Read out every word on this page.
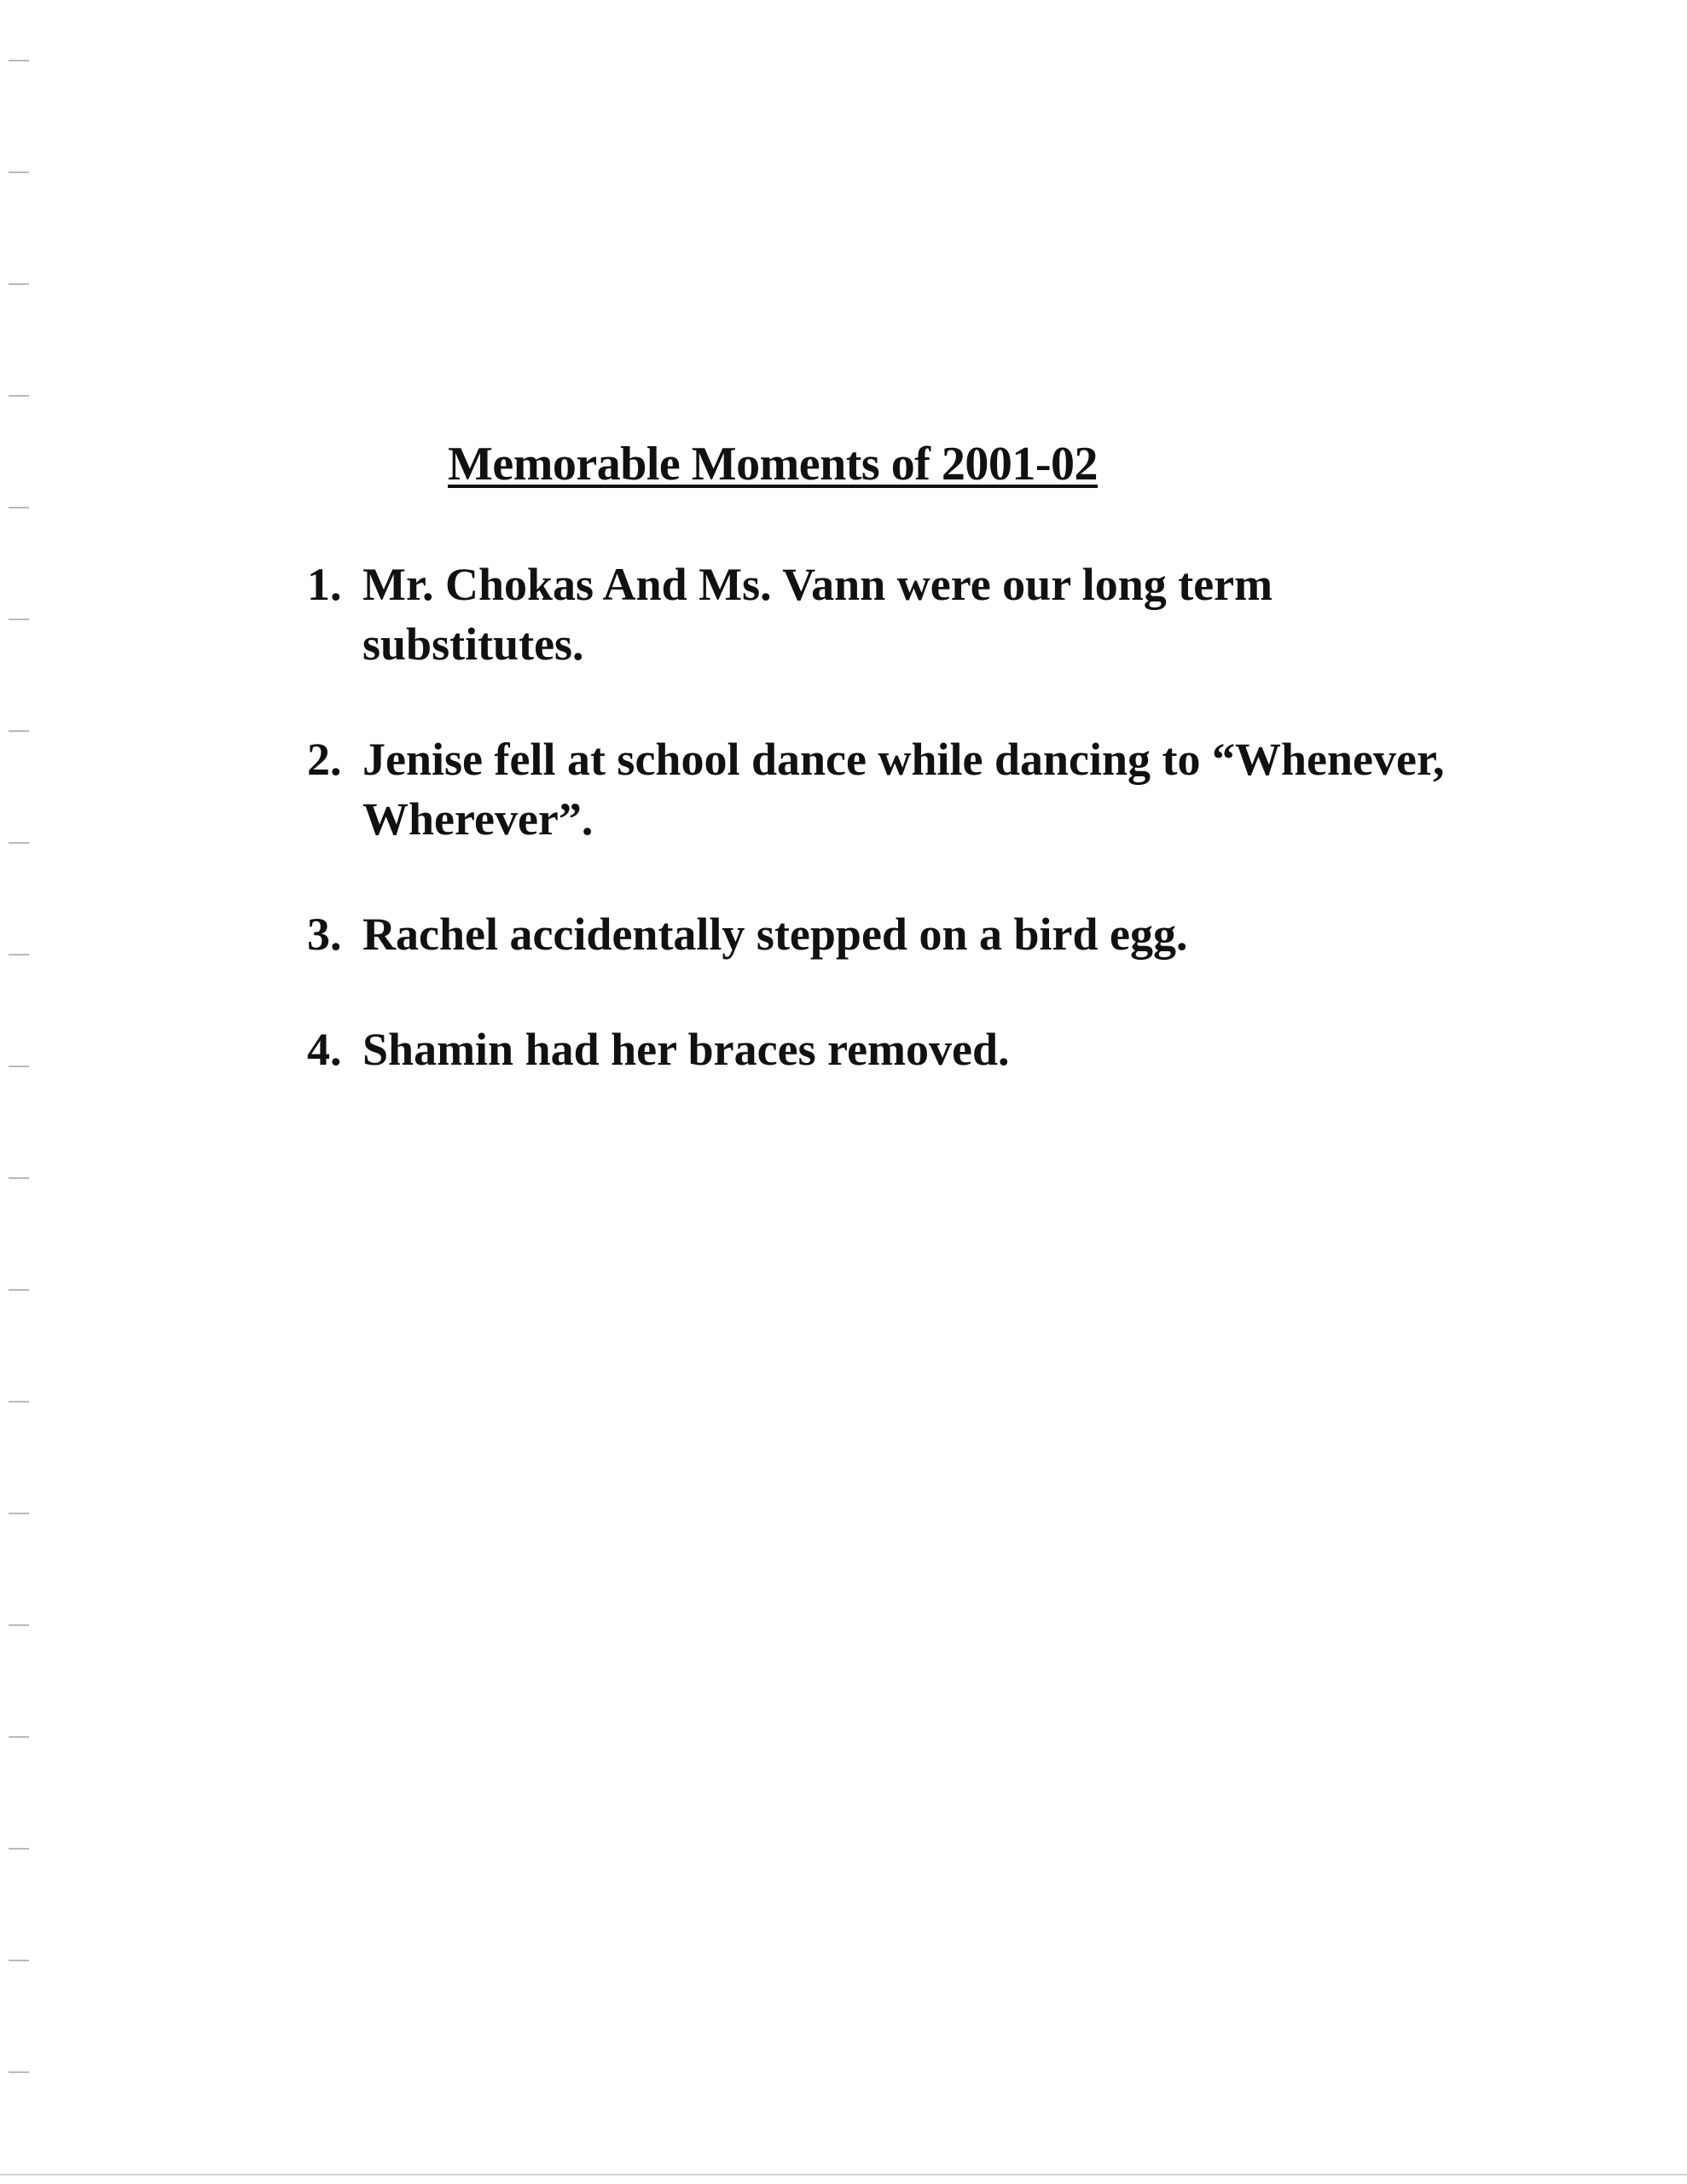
Memorable Moments of 2001-02
1. Mr. Chokas And Ms. Vann were our long term substitutes.
2. Jenise fell at school dance while dancing to “Whenever, Wherever”.
3. Rachel accidentally stepped on a bird egg.
4. Shamin had her braces removed.
